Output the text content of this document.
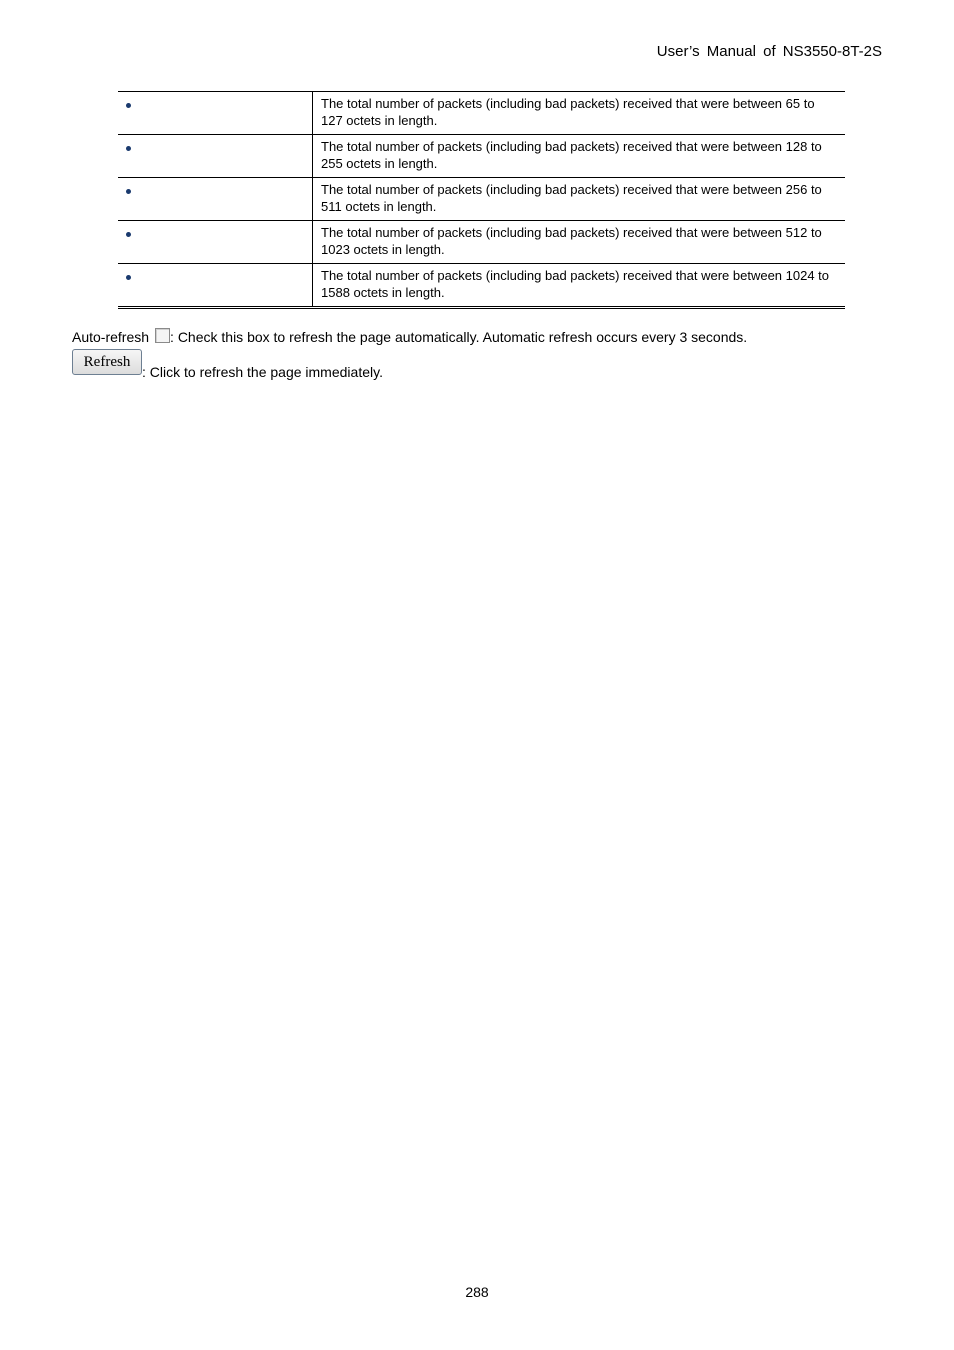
User’s Manual of NS3550-8T-2S
	The total number of packets (including bad packets) received that were between 65 to 127 octets in length.
	The total number of packets (including bad packets) received that were between 128 to 255 octets in length.
	The total number of packets (including bad packets) received that were between 256 to 511 octets in length.
	The total number of packets (including bad packets) received that were between 512 to 1023 octets in length.
	The total number of packets (including bad packets) received that were between 1024 to 1588 octets in length.
Auto-refresh : Check this box to refresh the page automatically. Automatic refresh occurs every 3 seconds.
Refresh: Click to refresh the page immediately.
288
